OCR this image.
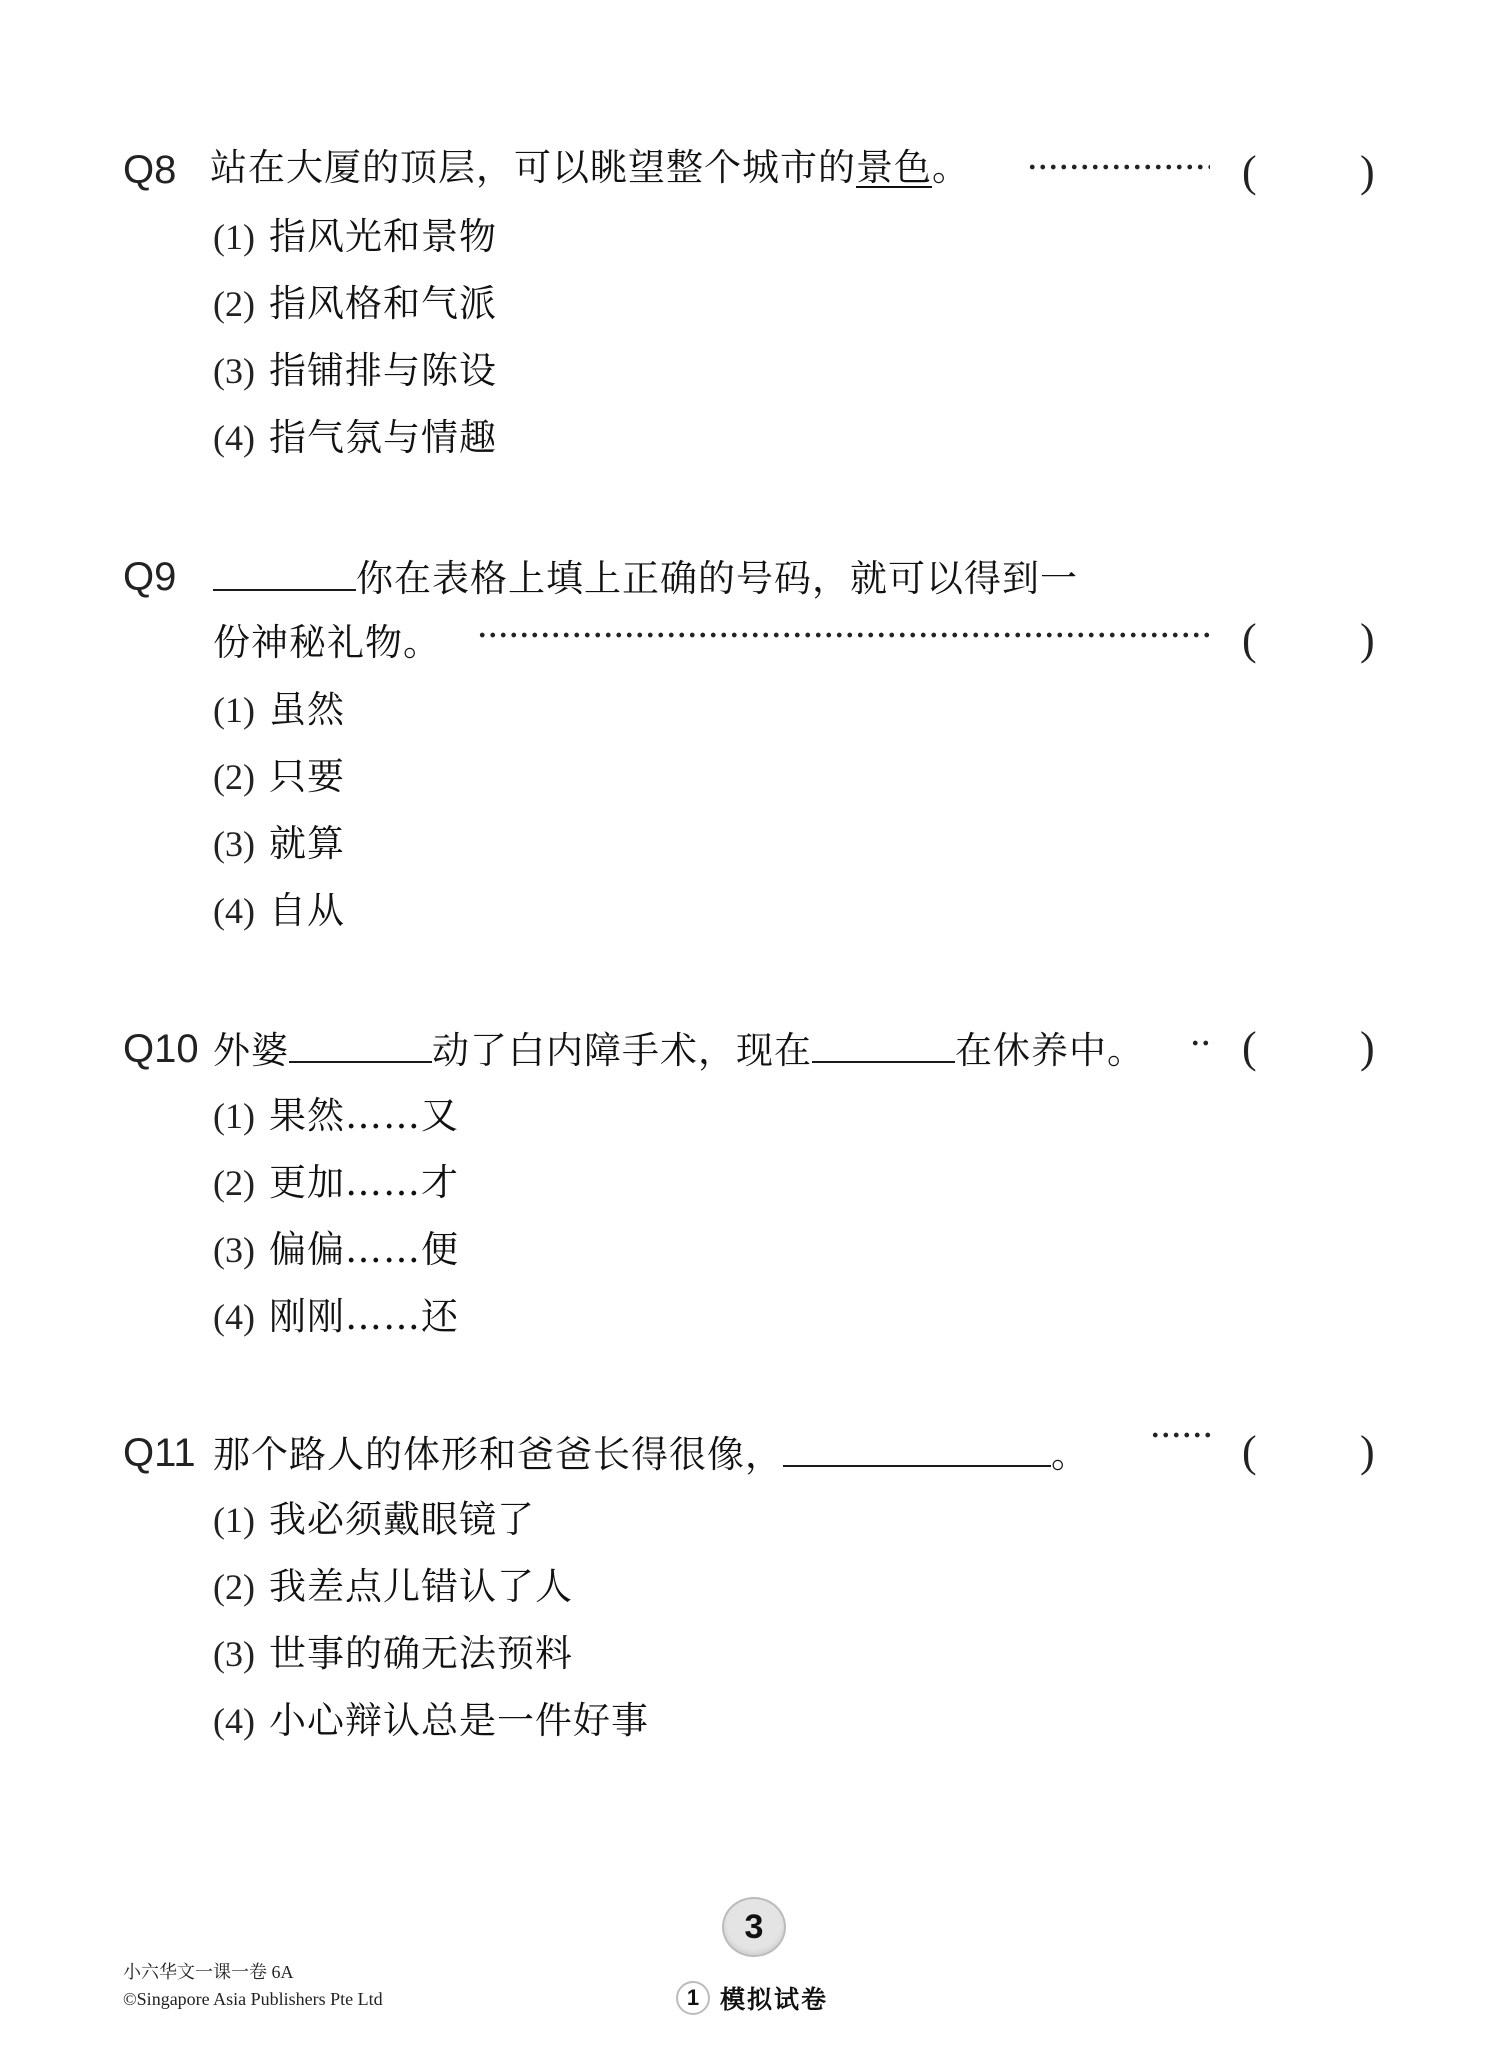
Q8 站在大厦的顶层，可以眺望整个城市的景色。	( )
(1) 指风光和景物
(2) 指风格和气派
(3) 指铺排与陈设
(4) 指气氛与情趣
Q9	你在表格上填上正确的号码，就可以得到一
份神秘礼物。	( )
(1) 虽然
(2) 只要
(3) 就算
(4) 自从
Q10 外婆	动了白内障手术，现在	在休养中。 ( )
(1) 果然……又
(2) 更加……才
(3) 偏偏……便
(4) 刚刚……还
Q11 那个路人的体形和爸爸长得很像，	。	( )
(1) 我必须戴眼镜了
(2) 我差点儿错认了人
(3) 世事的确无法预料
(4) 小心辩认总是一件好事
小六华文一课一卷 6A
©Singapore Asia Publishers Pte Ltd
3
1 模拟试卷
